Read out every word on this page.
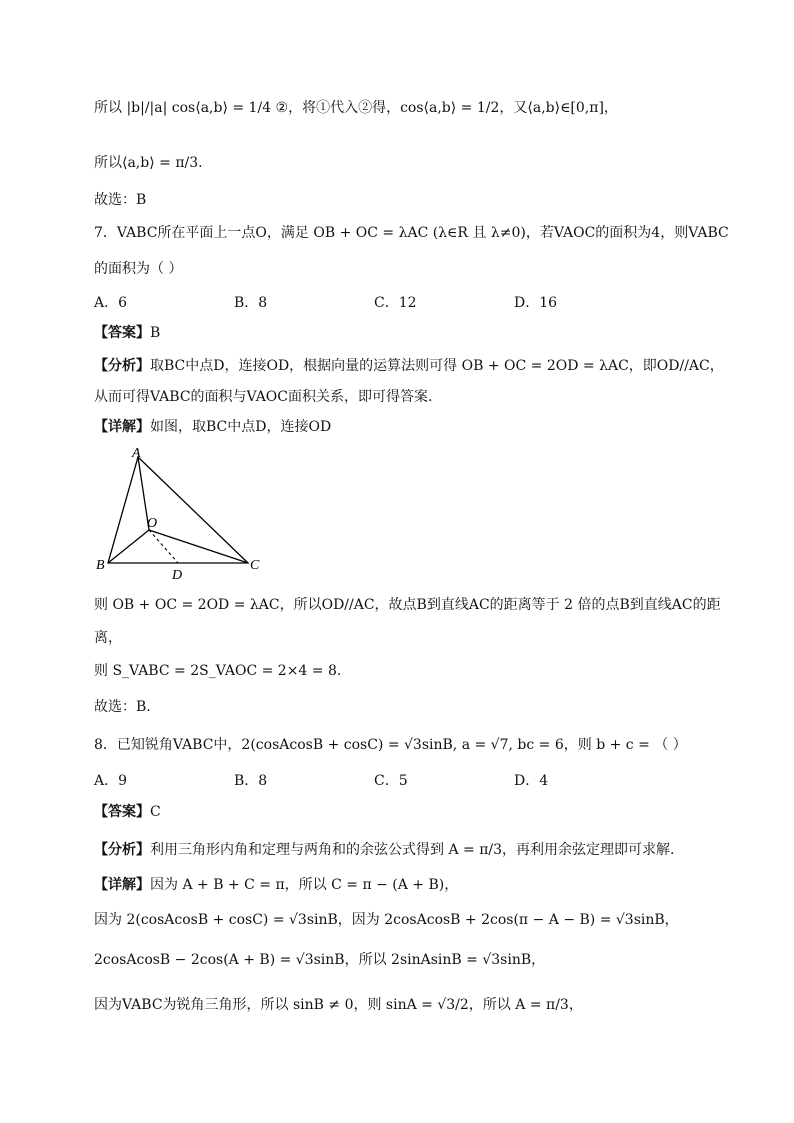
所以 |b|/|a| cos⟨a,b⟩ = 1/4 ②，将①代入②得，cos⟨a,b⟩ = 1/2，又⟨a,b⟩∈[0,π]，
所以⟨a,b⟩ = π/3.
故选：B
7．VABC所在平面上一点O，满足 OB + OC = λAC (λ∈R 且 λ≠0)，若VAOC的面积为4，则VABC
的面积为（ ）
A．6	B．8	C．12	D．16
【答案】B
【分析】取BC中点D，连接OD，根据向量的运算法则可得 OB + OC = 2OD = λAC，即OD//AC，
从而可得VABC的面积与VAOC面积关系，即可得答案.
【详解】如图，取BC中点D，连接OD
A
B	C
D
O
则 OB + OC = 2OD = λAC，所以OD//AC，故点B到直线AC的距离等于 2 倍的点B到直线AC的距
离，
则 S_VABC = 2S_VAOC = 2×4 = 8.
故选：B.
8．已知锐角VABC中，2(cosAcosB + cosC) = √3sinB, a = √7, bc = 6，则 b + c = （ ）
A．9	B．8	C．5	D．4
【答案】C
【分析】利用三角形内角和定理与两角和的余弦公式得到 A = π/3，再利用余弦定理即可求解.
【详解】因为 A + B + C = π，所以 C = π − (A + B)，
因为 2(cosAcosB + cosC) = √3sinB，因为 2cosAcosB + 2cos(π − A − B) = √3sinB，
2cosAcosB − 2cos(A + B) = √3sinB，所以 2sinAsinB = √3sinB，
因为VABC为锐角三角形，所以 sinB ≠ 0，则 sinA = √3/2，所以 A = π/3，
